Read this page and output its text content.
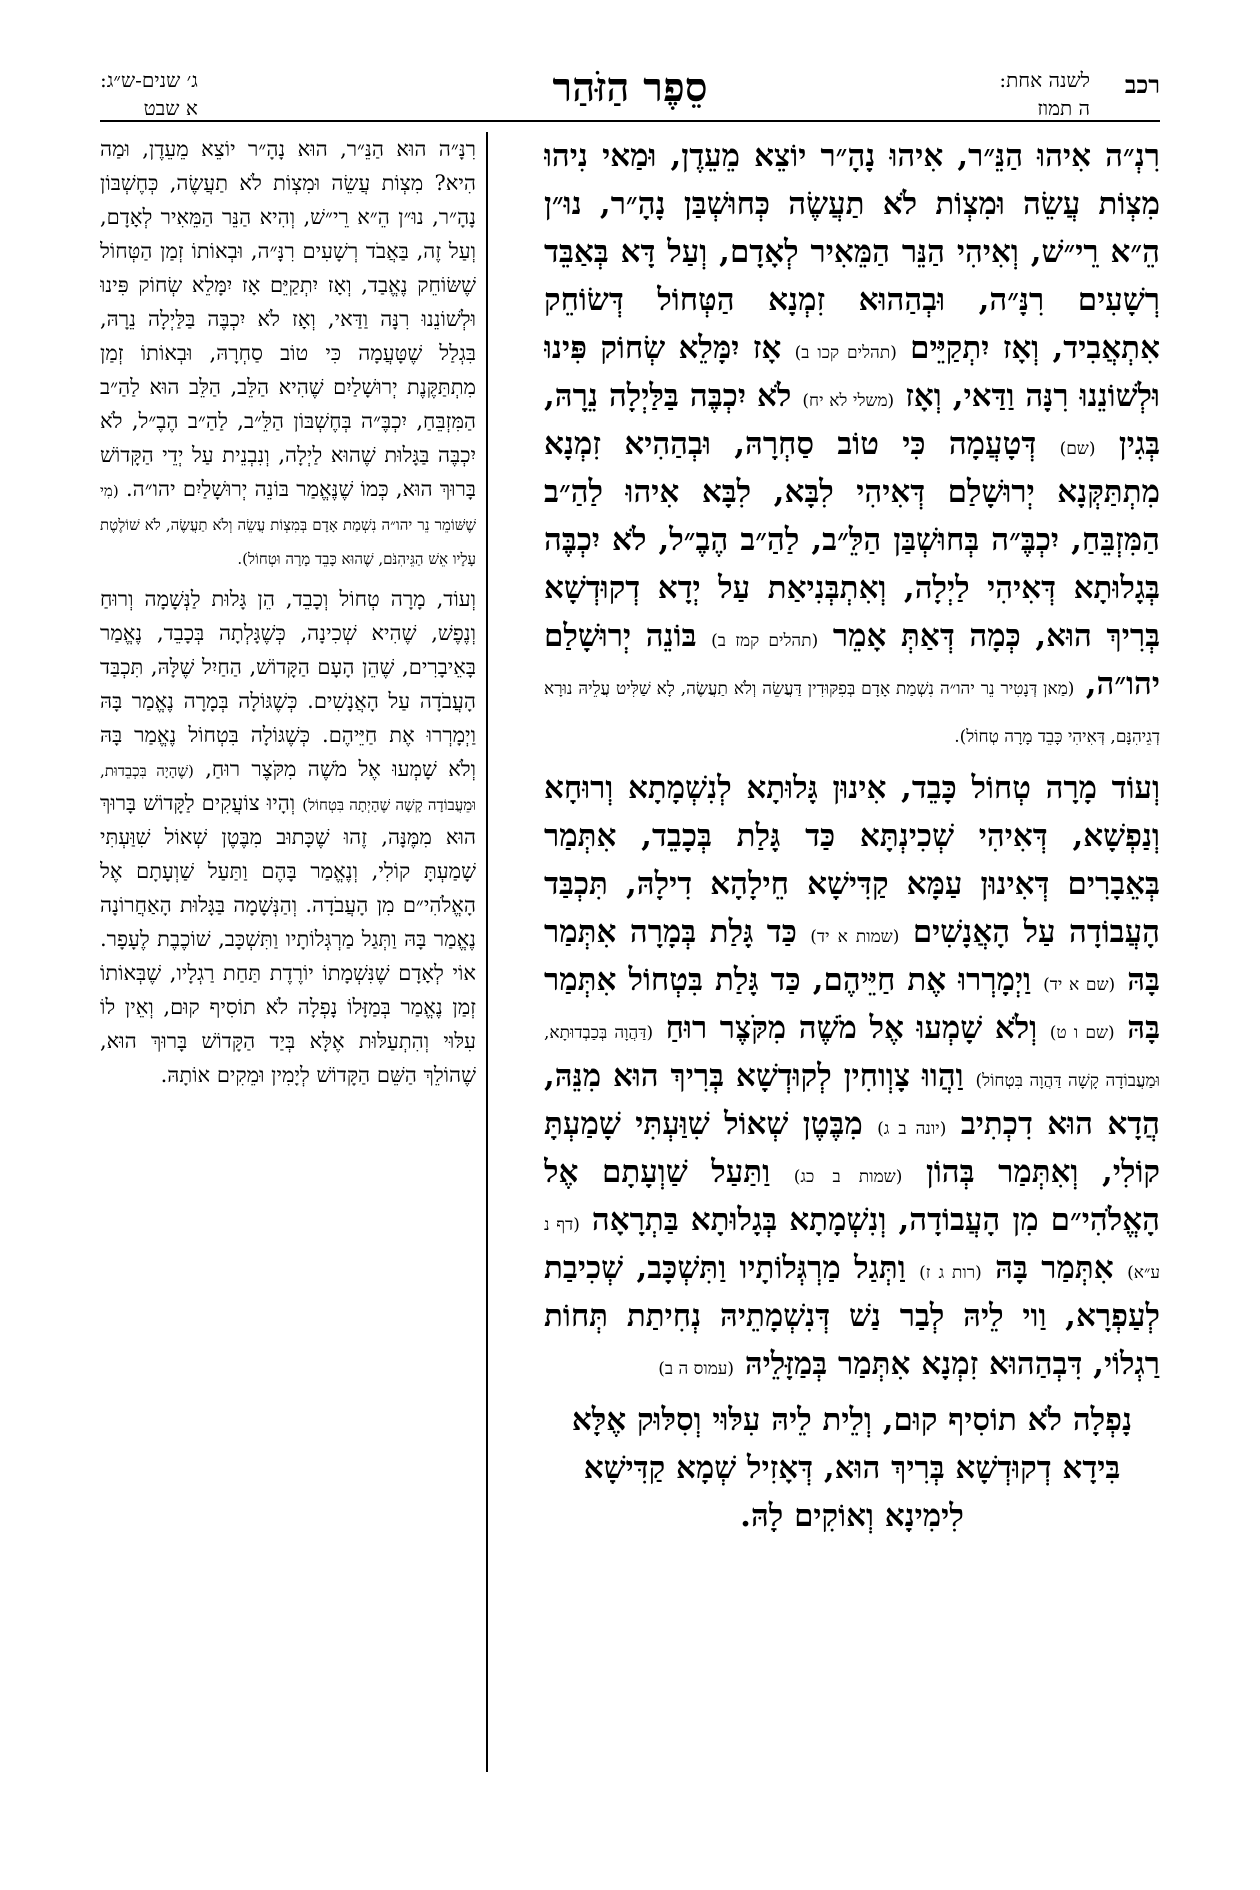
רכב
לשנה אחת:
ה תמוז
סֵפֶר הַזֹּהַר
ג׳ שנים-ש״ג:
א שבט

רִנְ״ה אִיהוּ הַנֵּ״ר, אִיהוּ נָהָ״ר יוֹצֵא מֵעֵדֶן, וּמַאי נִיהוּ מִצְוֹת עֲשֵׂה וּמִצְוֹת לֹא תַעֲשֶׂה כְּחוּשְׁבַּן נָהָ״ר, נוּ״ן הֵ״א רֵי״שׁ, וְאִיהִי הַנֵּר הַמֵּאִיר לְאָדָם, וְעַל דָּא בְּאַבֵּד רְשָׁעִים רִנָּ״ה, וּבְהַהוּא זִמְנָא הַטְּחוֹל דְּשׂוֹחֵק אִתְאֲבִיד, וְאָז יִתְקַיֵּים (תהלים קכו ב) אָז יִמָּלֵא שְׂחוֹק פִּינוּ וּלְשׁוֹנֵנוּ רִנָּה וַדַּאי, וְאָז (משלי לא יח) לֹא יִכְבֶּה בַּלַּיְלָה נֵרָהּ, בְּגִין (שם) דְּטָעֲמָה כִּי טוֹב סַחְרָהּ, וּבְהַהִיא זִמְנָא מִתְתַּקְּנָא יְרוּשָׁלַם דְּאִיהִי לִבָּא, לִבָּא אִיהוּ לַהַ״ב הַמִּזְבֵּחַ, יִכְבֶּ״ה בְּחוּשְׁבַּן הַלֵּ״ב, לַהַ״ב הֶבֶ״ל, לֹא יִכְבֶּה בְּגָלוּתָא דְּאִיהִי לַיְלָה, וְאִתְבְּנִיאַת עַל יְדָא דְקוּדְשָׁא בְּרִיךְ הוּא, כְּמָה דְּאַתְּ אָמֵר (תהלים קמז ב) בּוֹנֵה יְרוּשָׁלַם יהו״ה, (מַאן דְּנָטִיר נֵר יהו״ה נִשְׁמַת אָדָם בְּפִקּוּדִין דַּעֲשֵׂה וְלֹא תַעֲשֶׂה, לָא שַׁלִּיט עֲלֵיהּ נוּרָא דְגֵיהִנָּם, דְּאִיהִי כָּבֵד מָרָה טְחוֹל).

וְעוֹד מָרָה טְחוֹל כָּבֵד, אִינוּן גָּלוּתָא לְנִשְׁמָתָא וְרוּחָא וְנַפְשָׁא, דְּאִיהִי שְׁכִינְתָּא כַּד גָּלַת בְּכָבֵד, אִתְּמַר בְּאֵבָרִים דְּאִינוּן עַמָּא קַדִּישָׁא חֵילָהָא דִילָהּ, תִּכְבַּד הָעֲבוֹדָה עַל הָאֲנָשִׁים (שמות א יד) כַּד גָּלַת בְּמָרָה אִתְּמַר בָּהּ (שם א יד) וַיְמָרְרוּ אֶת חַיֵּיהֶם, כַּד גָּלַת בִּטְחוֹל אִתְּמַר בָּהּ (שם ו ט) וְלֹא שָׁמְעוּ אֶל מֹשֶׁה מִקֹּצֶר רוּחַ (דַּהֲוָה בְּכַבְדוּתָא, וּמַעֲבוֹדָה קָשָׁה דַּהֲוָה בִּטְחוֹל) וַהֲווּ צָוְוחִין לְקוּדְשָׁא בְּרִיךְ הוּא מִנֵּהּ, הֲדָא הוּא דִכְתִיב (יונה ב ג) מִבֶּטֶן שְׁאוֹל שִׁוַּעְתִּי שָׁמַעְתָּ קוֹלִי, וְאִתְּמַר בְּהוֹן (שמות ב כג) וַתַּעַל שַׁוְעָתָם אֶל הָאֱלֹהִי״ם מִן הָעֲבוֹדָה, וְנִשְׁמָתָא בְּגָלוּתָא בַּתְרָאָה (דף נ ע״א) אִתְּמַר בָּהּ (רות ג ז) וַתְּגַל מַרְגְּלוֹתָיו וַתִּשְׁכָּב, שְׁכִיבַת לְעַפְרָא, וַוי לֵיהּ לְבַר נַשׁ דְּנִשְׁמָתֵיהּ נְחִיתַת תְּחוֹת רַגְלוֹי, דִּבְהַהוּא זִמְנָא אִתְּמַר בְּמַזָּלֵיהּ (עמוס ה ב)

נָפְלָה לֹא תוֹסִיף קוּם, וְלֵית לֵיהּ עִלּוּי וְסִלּוּק אֶלָּא בִּידָא דְקוּדְשָׁא בְּרִיךְ הוּא, דְּאָזִיל שְׁמָא קַדִּישָׁא לִימִינָא וְאוֹקִים לָהּ.

רִנָּ״ה הוּא הַנֵּ״ר, הוּא נָהָ״ר יוֹצֵא מֵעֵדֶן, וּמַה הִיא? מִצְוֹת עֲשֵׂה וּמִצְוֹת לֹא תַעֲשֶׂה, כְּחֶשְׁבּוֹן נָהָ״ר, נוּ״ן הֵ״א רֵי״שׁ, וְהִיא הַנֵּר הַמֵּאִיר לְאָדָם, וְעַל זֶה, בַּאֲבֹד רְשָׁעִים רִנָּ״ה, וּבְאוֹתוֹ זְמַן הַטְּחוֹל שֶׁשּׂוֹחֵק נֶאֱבַד, וְאָז יִתְקַיֵּם אָז יִמָּלֵא שְׂחוֹק פִּינוּ וּלְשׁוֹנֵנוּ רִנָּה וַדַּאי, וְאָז לֹא יִכְבֶּה בַּלַּיְלָה נֵרָהּ, בִּגְלַל שֶׁטָּעֲמָה כִּי טוֹב סַחְרָהּ, וּבְאוֹתוֹ זְמַן מִתְתַּקֶּנֶת יְרוּשָׁלַיִם שֶׁהִיא הַלֵּב, הַלֵּב הוּא לַהַ״ב הַמִּזְבֵּחַ, יִכְבֶּ״ה בְּחֶשְׁבּוֹן הַלֵּ״ב, לַהַ״ב הֶבֶ״ל, לֹא יִכְבֶּה בַּגָּלוּת שֶׁהוּא לַיְלָה, וְנִבְנֵית עַל יְדֵי הַקָּדוֹשׁ בָּרוּךְ הוּא, כְּמוֹ שֶׁנֶּאֱמַר בּוֹנֵה יְרוּשָׁלַיִם יהו״ה. (מִי שֶׁשּׁוֹמֵר נֵר יהו״ה נִשְׁמַת אָדָם בְּמִצְוֹת עֲשֵׂה וְלֹא תַעֲשֶׂה, לֹא שׁוֹלֶטֶת עָלָיו אֵשׁ הַגֵּיהִנֹּם, שֶׁהוּא כָּבֵד מָרָה וּטְחוֹל).

וְעוֹד, מָרָה טְחוֹל וְכָבֵד, הֵן גָּלוּת לַנְּשָׁמָה וְרוּחַ וְנֶפֶשׁ, שֶׁהִיא שְׁכִינָה, כְּשֶׁגָּלְתָה בְּכָבֵד, נֶאֱמַר בָּאֵיבָרִים, שֶׁהֵן הָעָם הַקָּדוֹשׁ, הַחַיִל שֶׁלָּהּ, תִּכְבַּד הָעֲבֹדָה עַל הָאֲנָשִׁים. כְּשֶׁגּוֹלָה בְּמָרָה נֶאֱמַר בָּהּ וַיְמָרְרוּ אֶת חַיֵּיהֶם. כְּשֶׁגּוֹלָה בִּטְחוֹל נֶאֱמַר בָּהּ וְלֹא שָׁמְעוּ אֶל מֹשֶׁה מִקֹּצֶר רוּחַ, (שֶׁהָיָה בִּכְבֵדוּת, וּמֵעֲבוֹדָה קָשָׁה שֶׁהָיְתָה בִּטְחוֹל) וְהָיוּ צוֹעֲקִים לַקָּדוֹשׁ בָּרוּךְ הוּא מִמֶּנָּה, זֶהוּ שֶׁכָּתוּב מִבֶּטֶן שְׁאוֹל שִׁוַּעְתִּי שָׁמַעְתָּ קוֹלִי, וְנֶאֱמַר בָּהֶם וַתַּעַל שַׁוְעָתָם אֶל הָאֱלֹהִי״ם מִן הָעֲבֹדָה. וְהַנְּשָׁמָה בַּגָּלוּת הָאַחֲרוֹנָה נֶאֱמַר בָּהּ וַתְּגַל מַרְגְּלוֹתָיו וַתִּשְׁכָּב, שׁוֹכֶבֶת לֶעָפָר. אוֹי לְאָדָם שֶׁנִּשְׁמָתוֹ יוֹרֶדֶת תַּחַת רַגְלָיו, שֶׁבְּאוֹתוֹ זְמַן נֶאֱמַר בְּמַזָּלוֹ נָפְלָה לֹא תוֹסִיף קוּם, וְאֵין לוֹ עִלּוּי וְהִתְעַלּוּת אֶלָּא בְּיַד הַקָּדוֹשׁ בָּרוּךְ הוּא, שֶׁהוֹלֵךְ הַשֵּׁם הַקָּדוֹשׁ לְיָמִין וּמֵקִים אוֹתָהּ.
